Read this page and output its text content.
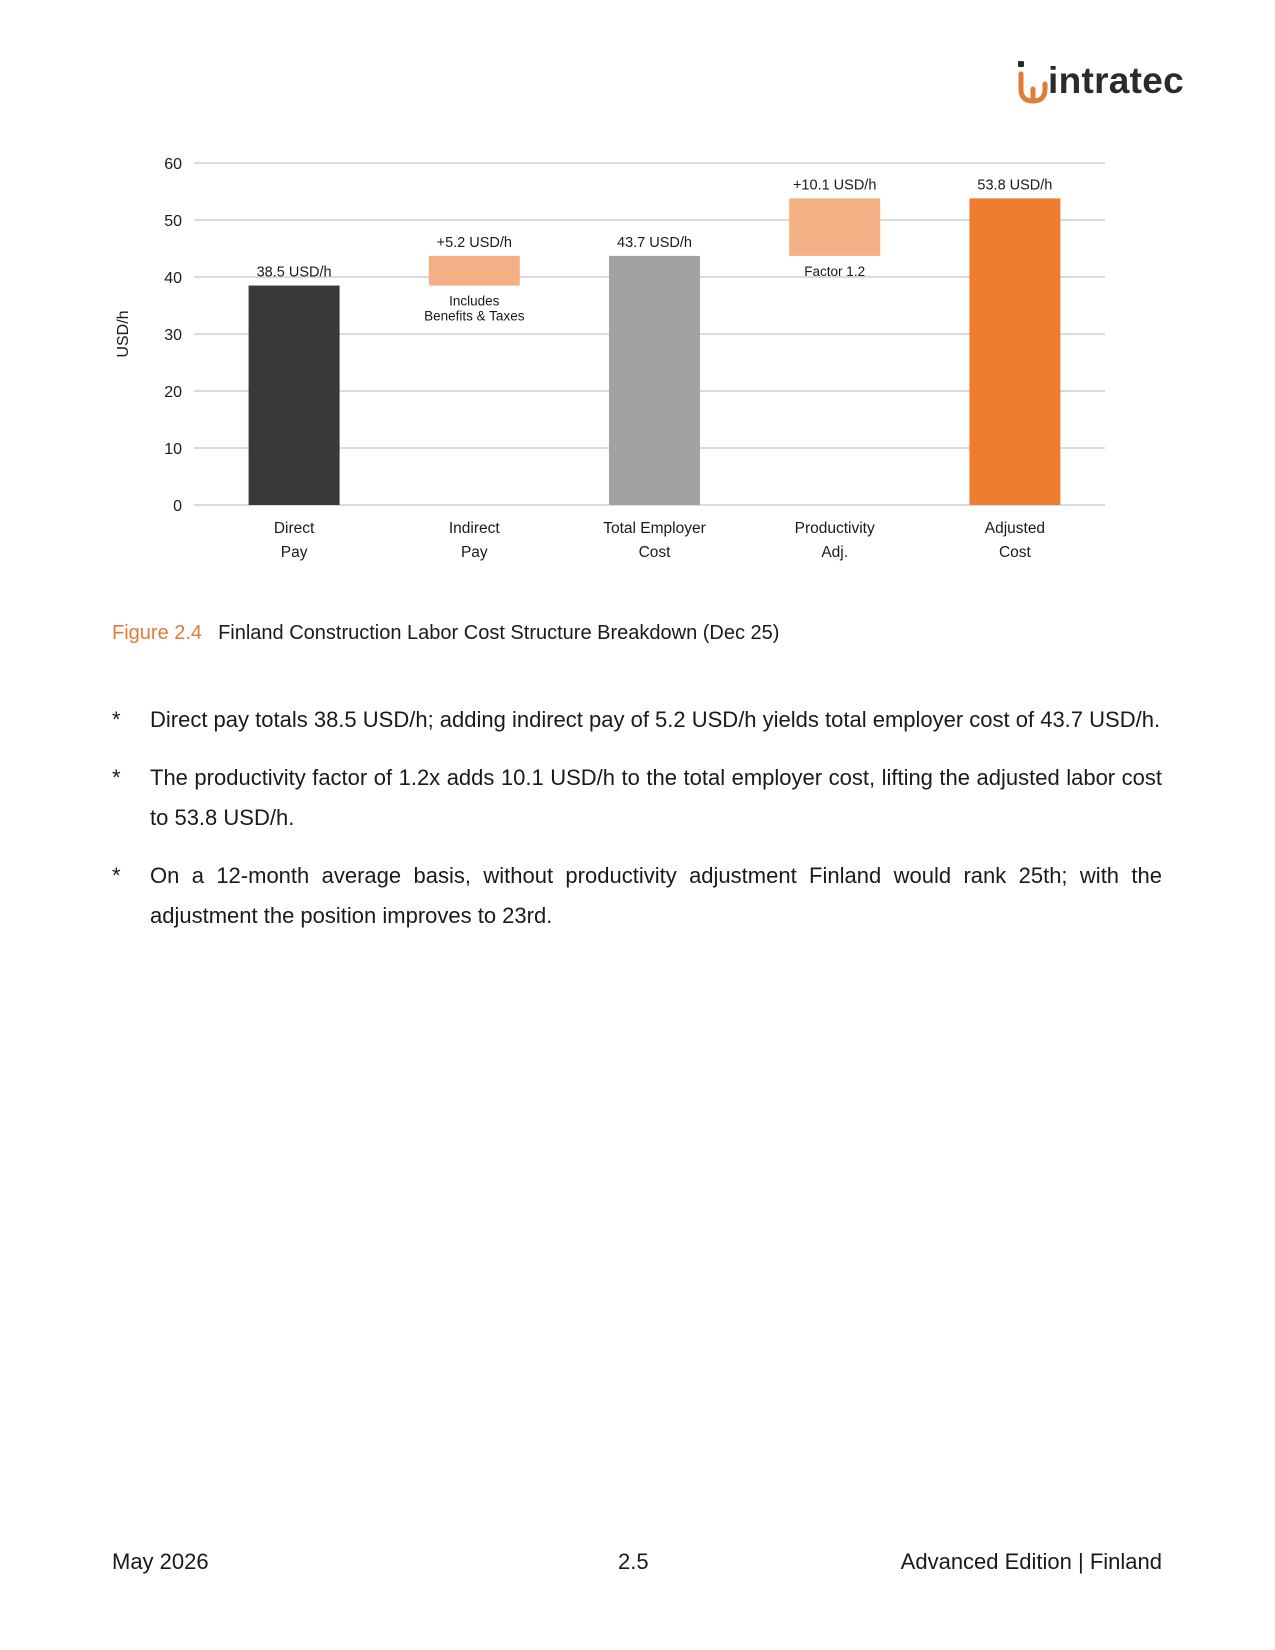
intratec
0
10
20
30
40
50
60
USD/h
38.5 USD/h
Direct
Pay
+5.2 USD/h
Includes
Benefits & Taxes
Indirect
Pay
43.7 USD/h
Total Employer
Cost
+10.1 USD/h
Factor 1.2
Productivity
Adj.
53.8 USD/h
Adjusted
Cost
Figure 2.4 Finland Construction Labor Cost Structure Breakdown (Dec 25)
* Direct pay totals 38.5 USD/h; adding indirect pay of 5.2 USD/h yields total employer cost of 43.7 USD/h.
* The productivity factor of 1.2x adds 10.1 USD/h to the total employer cost, lifting the adjusted labor cost to 53.8 USD/h.
* On a 12-month average basis, without productivity adjustment Finland would rank 25th; with the adjustment the position improves to 23rd.
May 2026	2.5	Advanced Edition | Finland
